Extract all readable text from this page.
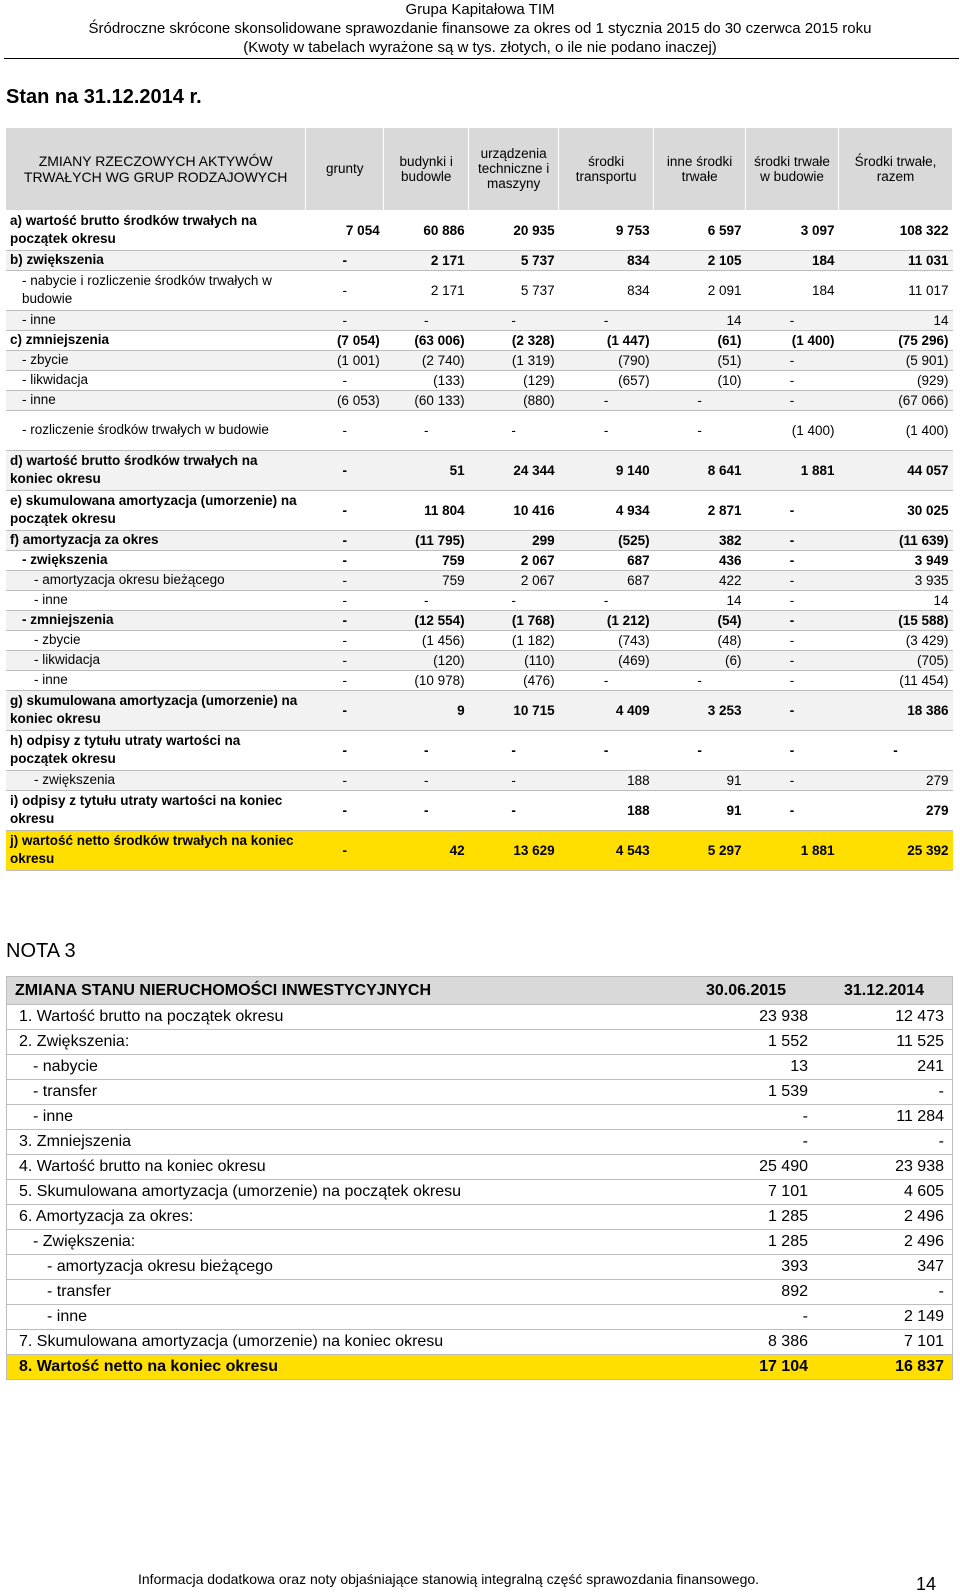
Grupa Kapitałowa TIM
Śródroczne skrócone skonsolidowane sprawozdanie finansowe za okres od 1 stycznia 2015 do 30 czerwca 2015 roku
(Kwoty w tabelach wyrażone są w tys. złotych, o ile nie podano inaczej)
Stan na 31.12.2014 r.
ZMIANY RZECZOWYCH AKTYWÓW TRWAŁYCH WG GRUP RODZAJOWYCH	grunty	budynki i budowle	urządzenia techniczne i maszyny	środki transportu	inne środki trwałe	środki trwałe w budowie	Środki trwałe, razem
a) wartość brutto środków trwałych na początek okresu	7 054	60 886	20 935	9 753	6 597	3 097	108 322
b) zwiększenia	-	2 171	5 737	834	2 105	184	11 031
- nabycie i rozliczenie środków trwałych w budowie	-	2 171	5 737	834	2 091	184	11 017
- inne	-	-	-	-	14	-	14
c) zmniejszenia	(7 054)	(63 006)	(2 328)	(1 447)	(61)	(1 400)	(75 296)
- zbycie	(1 001)	(2 740)	(1 319)	(790)	(51)	-	(5 901)
- likwidacja	-	(133)	(129)	(657)	(10)	-	(929)
- inne	(6 053)	(60 133)	(880)	-	-	-	(67 066)
- rozliczenie środków trwałych w budowie	-	-	-	-	-	(1 400)	(1 400)
d) wartość brutto środków trwałych na koniec okresu	-	51	24 344	9 140	8 641	1 881	44 057
e) skumulowana amortyzacja (umorzenie) na początek okresu	-	11 804	10 416	4 934	2 871	-	30 025
f) amortyzacja za okres	-	(11 795)	299	(525)	382	-	(11 639)
- zwiększenia	-	759	2 067	687	436	-	3 949
- amortyzacja okresu bieżącego	-	759	2 067	687	422	-	3 935
- inne	-	-	-	-	14	-	14
- zmniejszenia	-	(12 554)	(1 768)	(1 212)	(54)	-	(15 588)
- zbycie	-	(1 456)	(1 182)	(743)	(48)	-	(3 429)
- likwidacja	-	(120)	(110)	(469)	(6)	-	(705)
- inne	-	(10 978)	(476)	-	-	-	(11 454)
g) skumulowana amortyzacja (umorzenie) na koniec okresu	-	9	10 715	4 409	3 253	-	18 386
h) odpisy z tytułu utraty wartości na początek okresu	-	-	-	-	-	-	-
- zwiększenia	-	-	-	188	91	-	279
i) odpisy z tytułu utraty wartości na koniec okresu	-	-	-	188	91	-	279
j) wartość netto środków trwałych na koniec okresu	-	42	13 629	4 543	5 297	1 881	25 392
NOTA 3
ZMIANA STANU NIERUCHOMOŚCI INWESTYCYJNYCH	30.06.2015	31.12.2014
1. Wartość brutto na początek okresu	23 938	12 473
2. Zwiększenia:	1 552	11 525
- nabycie	13	241
- transfer	1 539	-
- inne	-	11 284
3. Zmniejszenia	-	-
4. Wartość brutto na koniec okresu	25 490	23 938
5. Skumulowana amortyzacja (umorzenie) na początek okresu	7 101	4 605
6. Amortyzacja za okres:	1 285	2 496
- Zwiększenia:	1 285	2 496
- amortyzacja okresu bieżącego	393	347
- transfer	892	-
- inne	-	2 149
7. Skumulowana amortyzacja (umorzenie) na koniec okresu	8 386	7 101
8. Wartość netto na koniec okresu	17 104	16 837
Informacja dodatkowa oraz noty objaśniające stanowią integralną część sprawozdania finansowego.	14
